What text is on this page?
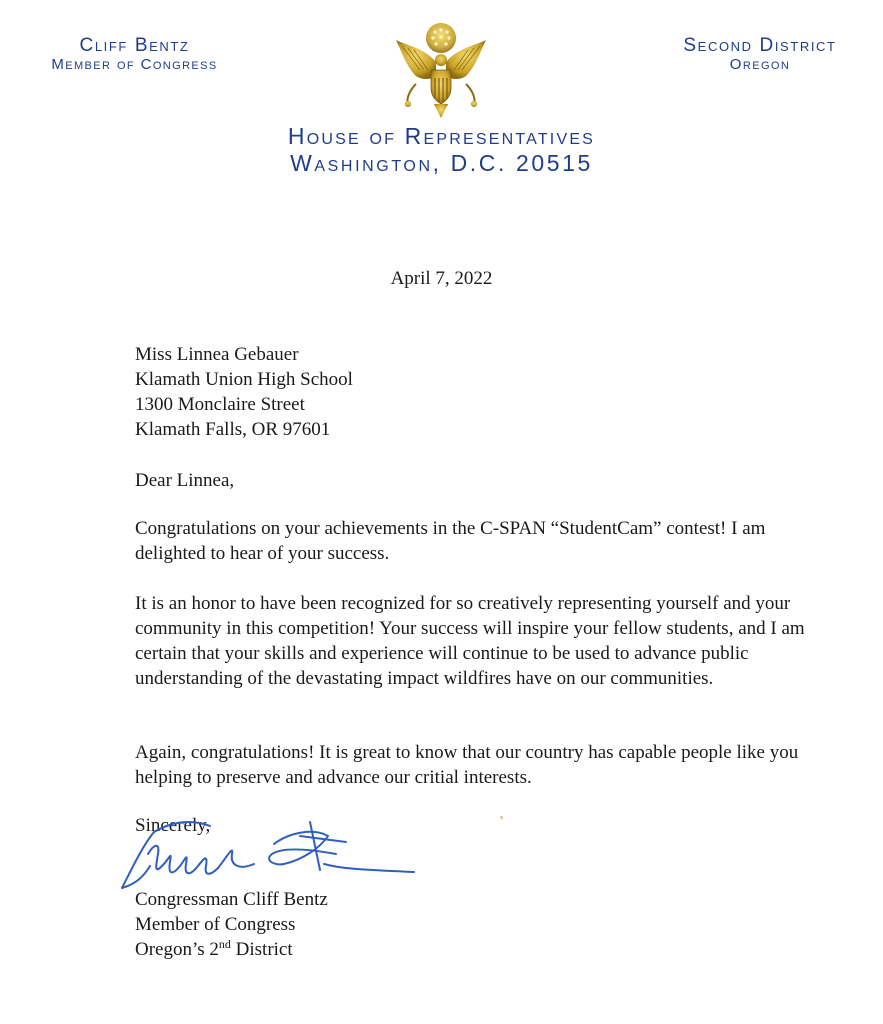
Cliff Bentz
Member of Congress
Second District
Oregon
House of Representatives
Washington, D.C. 20515
April 7, 2022
Miss Linnea Gebauer
Klamath Union High School
1300 Monclaire Street
Klamath Falls, OR 97601
Dear Linnea,
Congratulations on your achievements in the C-SPAN “StudentCam” contest! I am delighted to hear of your success.
It is an honor to have been recognized for so creatively representing yourself and your community in this competition! Your success will inspire your fellow students, and I am certain that your skills and experience will continue to be used to advance public understanding of the devastating impact wildfires have on our communities.
Again, congratulations! It is great to know that our country has capable people like you helping to preserve and advance our critial interests.
Sincerely,
Congressman Cliff Bentz
Member of Congress
Oregon’s 2nd District
